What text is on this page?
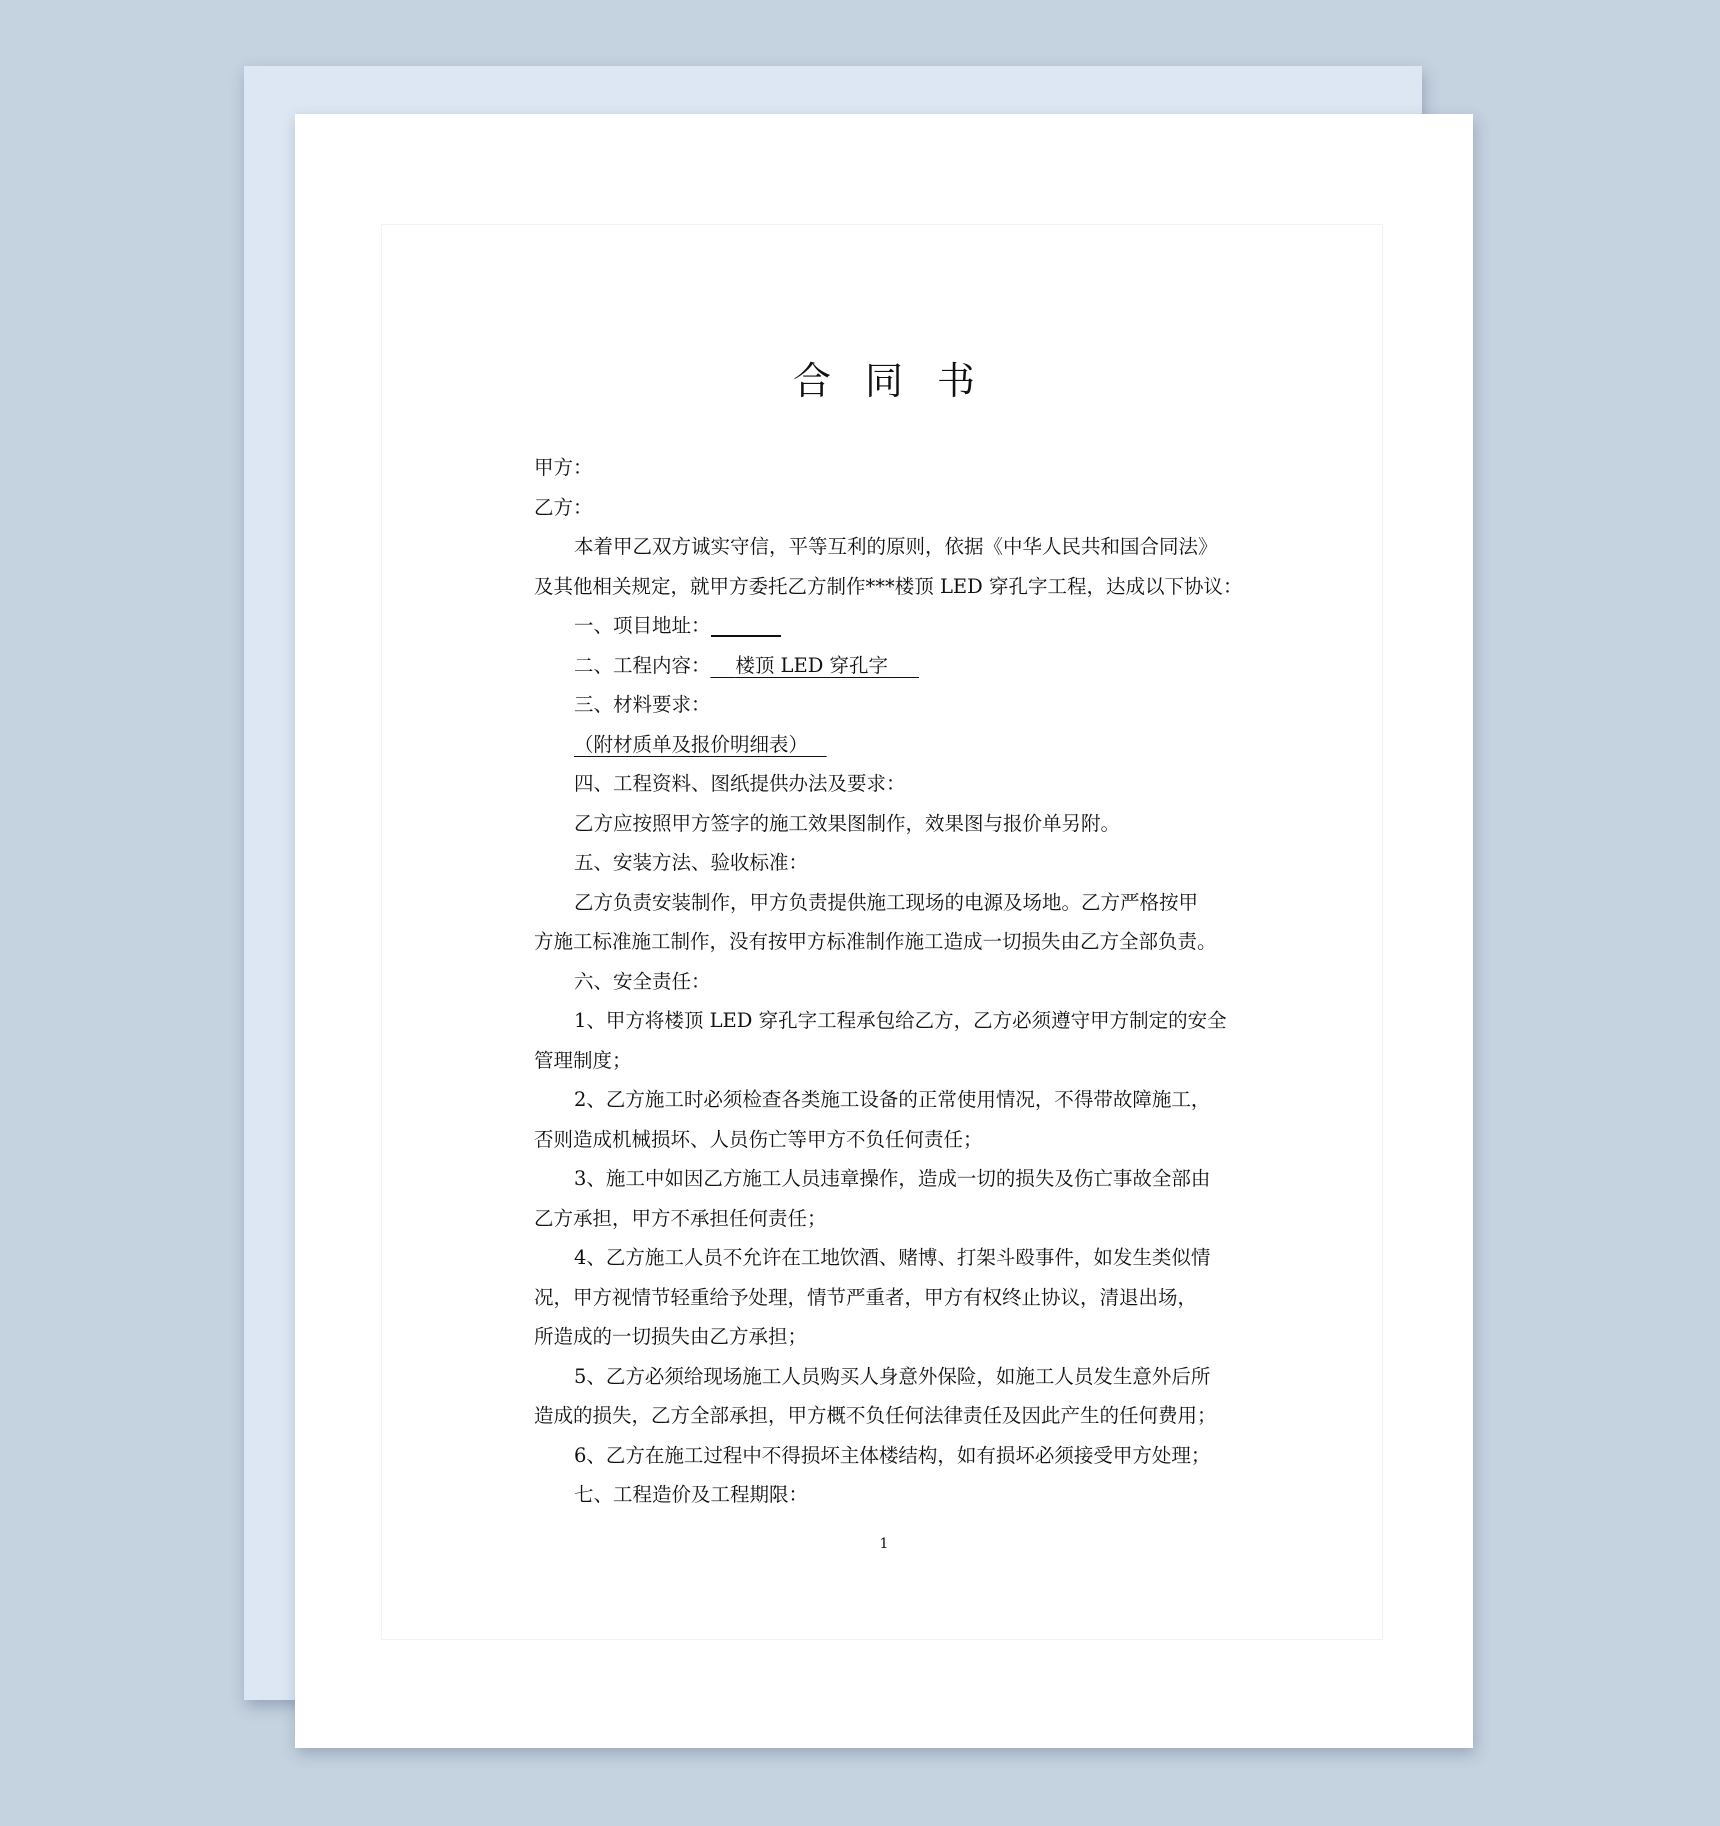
合同书
甲方：
乙方：
本着甲乙双方诚实守信，平等互利的原则，依据《中华人民共和国合同法》
及其他相关规定，就甲方委托乙方制作***楼顶 LED 穿孔字工程，达成以下协议：
一、项目地址：
二、工程内容： 楼顶 LED 穿孔字
三、材料要求：
（附材质单及报价明细表）
四、工程资料、图纸提供办法及要求：
乙方应按照甲方签字的施工效果图制作，效果图与报价单另附。
五、安装方法、验收标准：
乙方负责安装制作，甲方负责提供施工现场的电源及场地。乙方严格按甲
方施工标准施工制作，没有按甲方标准制作施工造成一切损失由乙方全部负责。
六、安全责任：
1、甲方将楼顶 LED 穿孔字工程承包给乙方，乙方必须遵守甲方制定的安全
管理制度；
2、乙方施工时必须检查各类施工设备的正常使用情况，不得带故障施工，
否则造成机械损坏、人员伤亡等甲方不负任何责任；
3、施工中如因乙方施工人员违章操作，造成一切的损失及伤亡事故全部由
乙方承担，甲方不承担任何责任；
4、乙方施工人员不允许在工地饮酒、赌博、打架斗殴事件，如发生类似情
况，甲方视情节轻重给予处理，情节严重者，甲方有权终止协议，清退出场，
所造成的一切损失由乙方承担；
5、乙方必须给现场施工人员购买人身意外保险，如施工人员发生意外后所
造成的损失，乙方全部承担，甲方概不负任何法律责任及因此产生的任何费用；
6、乙方在施工过程中不得损坏主体楼结构，如有损坏必须接受甲方处理；
七、工程造价及工程期限：
1
